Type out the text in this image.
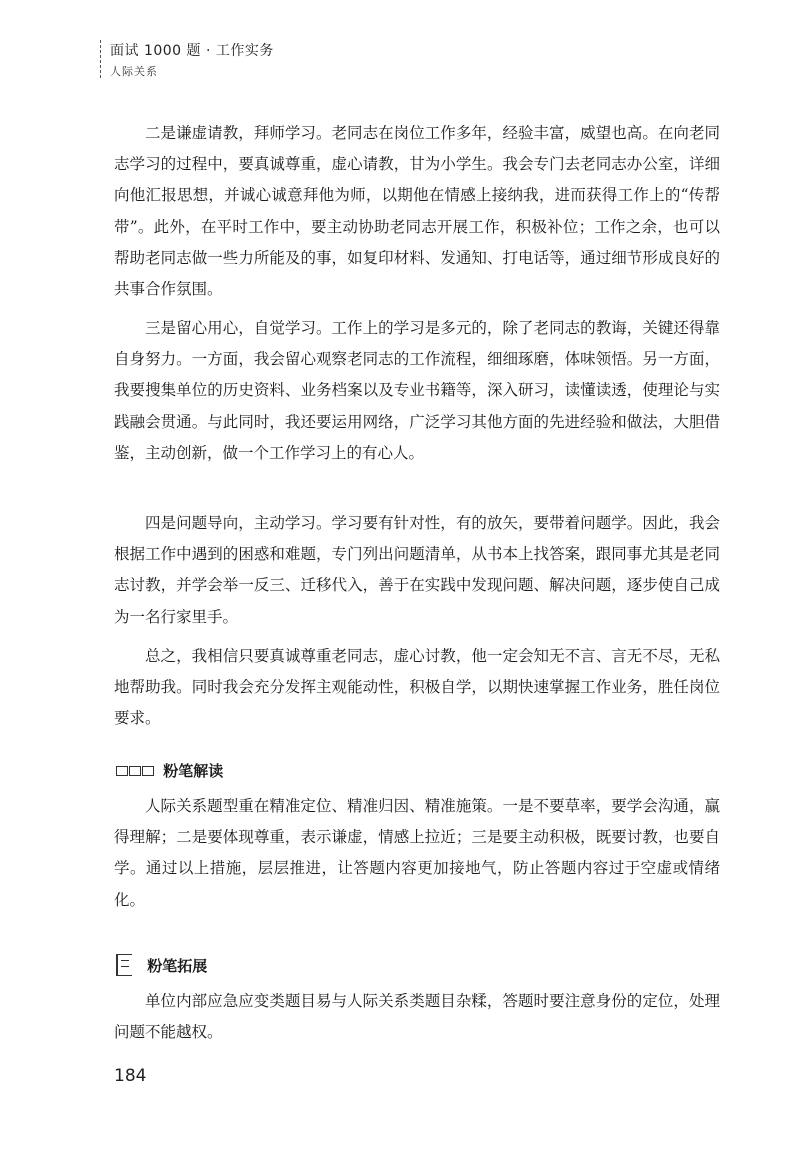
面试 1000 题 · 工作实务
人际关系

二是谦虚请教，拜师学习。老同志在岗位工作多年，经验丰富，威望也高。在向老同志学习的过程中，要真诚尊重，虚心请教，甘为小学生。我会专门去老同志办公室，详细向他汇报思想，并诚心诚意拜他为师，以期他在情感上接纳我，进而获得工作上的“传帮带”。此外，在平时工作中，要主动协助老同志开展工作，积极补位；工作之余，也可以帮助老同志做一些力所能及的事，如复印材料、发通知、打电话等，通过细节形成良好的共事合作氛围。

三是留心用心，自觉学习。工作上的学习是多元的，除了老同志的教诲，关键还得靠自身努力。一方面，我会留心观察老同志的工作流程，细细琢磨，体味领悟。另一方面，我要搜集单位的历史资料、业务档案以及专业书籍等，深入研习，读懂读透，使理论与实践融会贯通。与此同时，我还要运用网络，广泛学习其他方面的先进经验和做法，大胆借鉴，主动创新，做一个工作学习上的有心人。

四是问题导向，主动学习。学习要有针对性，有的放矢，要带着问题学。因此，我会根据工作中遇到的困惑和难题，专门列出问题清单，从书本上找答案，跟同事尤其是老同志讨教，并学会举一反三、迁移代入，善于在实践中发现问题、解决问题，逐步使自己成为一名行家里手。

总之，我相信只要真诚尊重老同志，虚心讨教，他一定会知无不言、言无不尽，无私地帮助我。同时我会充分发挥主观能动性，积极自学，以期快速掌握工作业务，胜任岗位要求。

粉笔解读

人际关系题型重在精准定位、精准归因、精准施策。一是不要草率，要学会沟通，赢得理解；二是要体现尊重，表示谦虚，情感上拉近；三是要主动积极，既要讨教，也要自学。通过以上措施，层层推进，让答题内容更加接地气，防止答题内容过于空虚或情绪化。

粉笔拓展

单位内部应急应变类题目易与人际关系类题目杂糅，答题时要注意身份的定位，处理问题不能越权。

184
